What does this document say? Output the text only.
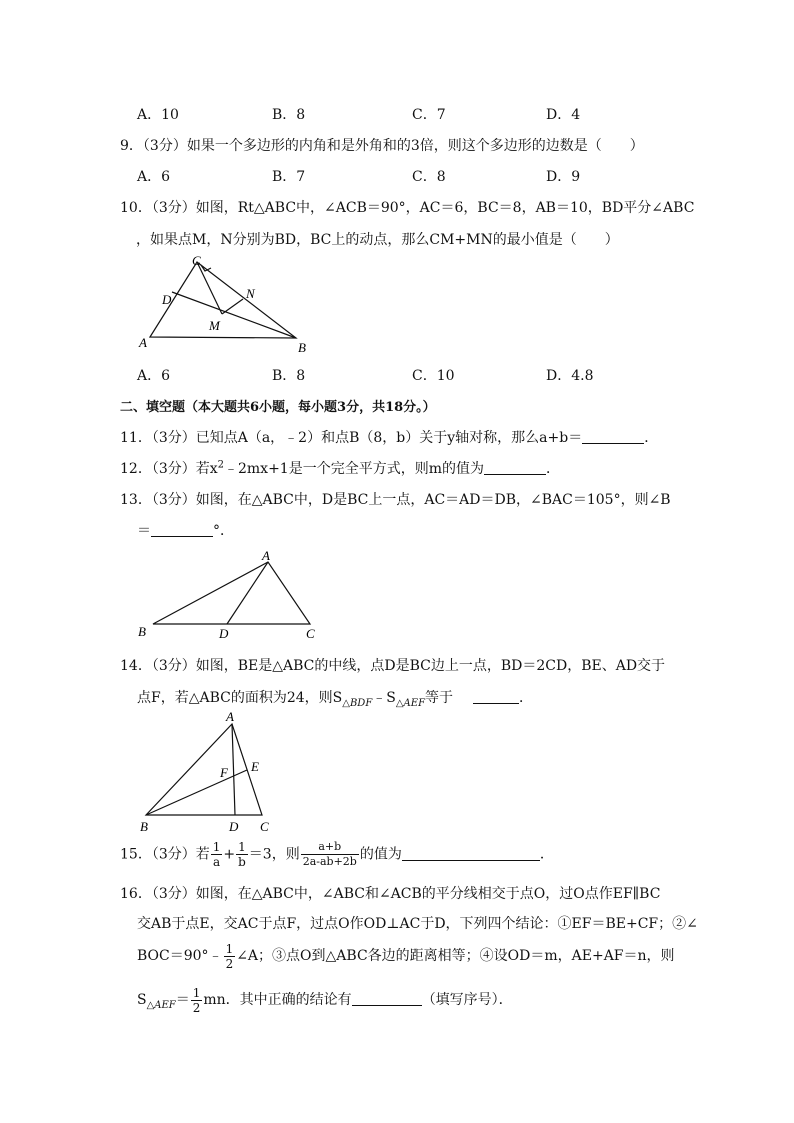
A．10	B．8	C．7	D．4
9．（3分）如果一个多边形的内角和是外角和的3倍，则这个多边形的边数是（　　）
A．6	B．7	C．8	D．9
10．（3分）如图，Rt△ABC中，∠ACB＝90°，AC＝6，BC＝8，AB＝10，BD平分∠ABC
，如果点M，N分别为BD，BC上的动点，那么CM+MN的最小值是（　　）
C
D	N
M
A	B
A．6	B．8	C．10	D．4.8
二、填空题（本大题共6小题，每小题3分，共18分。）
11．（3分）已知点A（a，﹣2）和点B（8，b）关于y轴对称，那么a+b＝	．
12．（3分）若$x^2﹣2mx+1$是一个完全平方式，则m的值为	．
13．（3分）如图，在△ABC中，D是BC上一点，AC＝AD＝DB，∠BAC＝105°，则∠B
＝	°．
A
B	D	C
14．（3分）如图，BE是△ABC的中线，点D是BC边上一点，BD＝2CD，BE、AD交于
点F，若△ABC的面积为24，则$S_{\triangle BDF}﹣S_{\triangle AEF}$等于	．
A
F E
B	D C
15．（3分）若 $\frac{1}{a} + \frac{1}{b} =3$，则 $\frac{a+b}{2a-ab+2b}$ 的值为	．
16．（3分）如图，在△ABC中，∠ABC和∠ACB的平分线相交于点O，过O点作EF∥BC
交AB于点E，交AC于点F，过点O作OD⊥AC于D，下列四个结论：①EF＝BE+CF；②∠
BOC＝90°﹣ $\frac{1}{2}$ ∠A；③点O到△ABC各边的距离相等；④设OD＝m，AE+AF＝n，则
$S_{\triangle AEF}= \frac{1}{2}$ mn．其中正确的结论有	（填写序号）．
